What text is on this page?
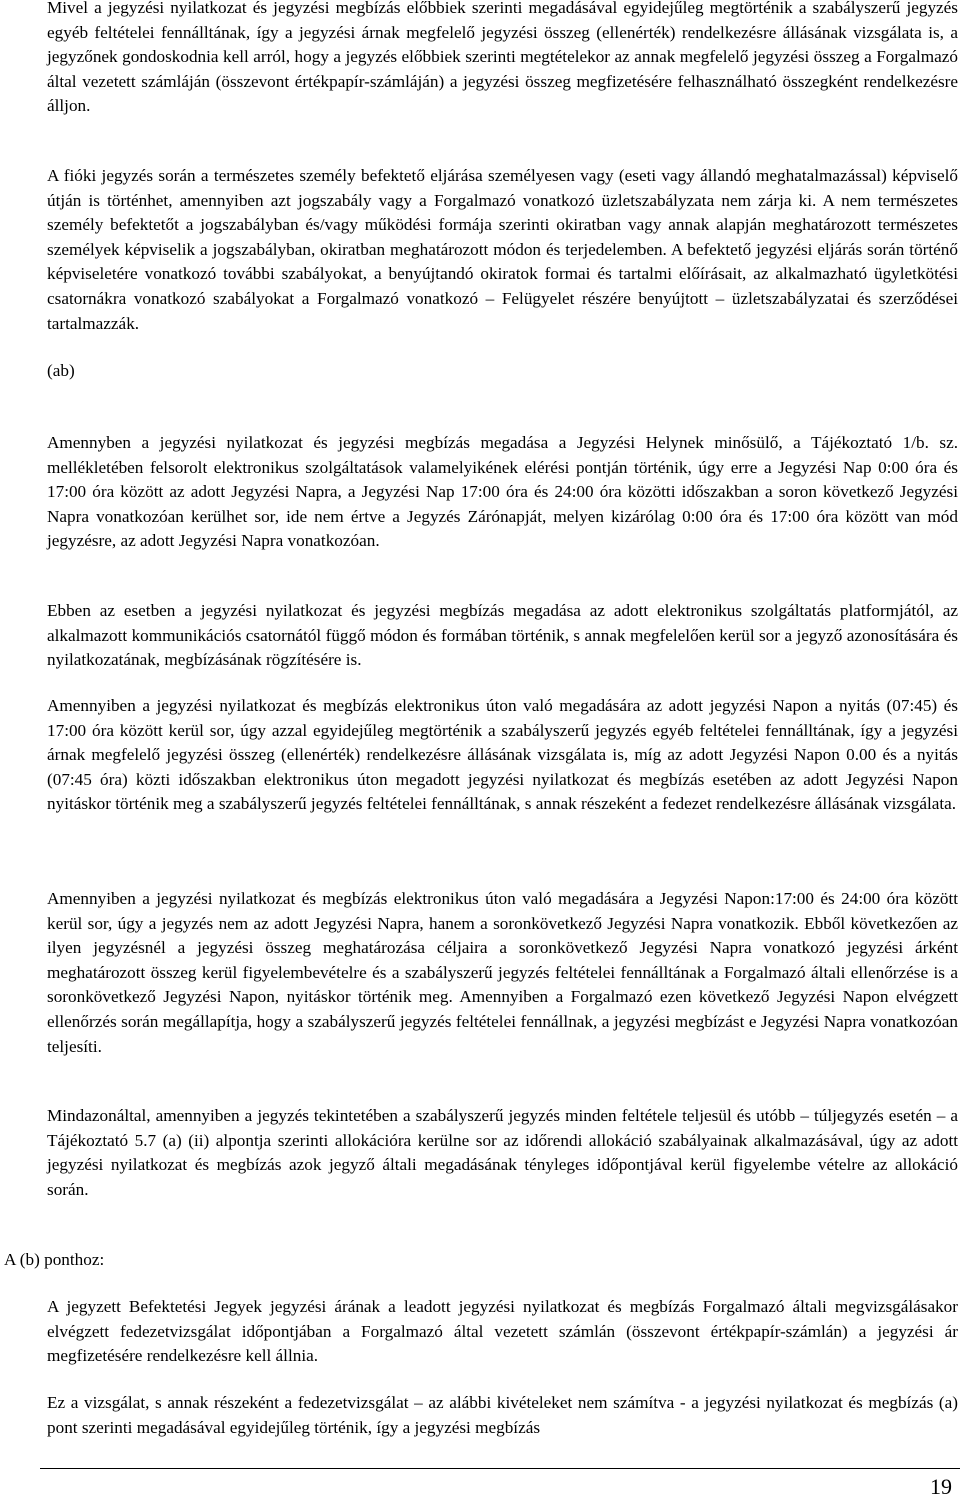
Mivel a jegyzési nyilatkozat és jegyzési megbízás előbbiek szerinti megadásával egyidejűleg megtörténik a szabályszerű jegyzés egyéb feltételei fennálltának, így a jegyzési árnak megfelelő jegyzési összeg (ellenérték) rendelkezésre állásának vizsgálata is, a jegyzőnek gondoskodnia kell arról, hogy a jegyzés előbbiek szerinti megtételekor az annak megfelelő jegyzési összeg a Forgalmazó által vezetett számláján (összevont értékpapír-számláján) a jegyzési összeg megfizetésére felhasználható összegként rendelkezésre álljon.

A fióki jegyzés során a természetes személy befektető eljárása személyesen vagy (eseti vagy állandó meghatalmazással) képviselő útján is történhet, amennyiben azt jogszabály vagy a Forgalmazó vonatkozó üzletszabályzata nem zárja ki. A nem természetes személy befektetőt a jogszabályban és/vagy működési formája szerinti okiratban vagy annak alapján meghatározott természetes személyek képviselik a jogszabályban, okiratban meghatározott módon és terjedelemben. A befektető jegyzési eljárás során történő képviseletére vonatkozó további szabályokat, a benyújtandó okiratok formai és tartalmi előírásait, az alkalmazható ügyletkötési csatornákra vonatkozó szabályokat a Forgalmazó vonatkozó – Felügyelet részére benyújtott – üzletszabályzatai és szerződései tartalmazzák.

(ab)

Amennyben a jegyzési nyilatkozat és jegyzési megbízás megadása a Jegyzési Helynek minősülő, a Tájékoztató 1/b. sz. mellékletében felsorolt elektronikus szolgáltatások valamelyikének elérési pontján történik, úgy erre a Jegyzési Nap 0:00 óra és 17:00 óra között az adott Jegyzési Napra, a Jegyzési Nap 17:00 óra és 24:00 óra közötti időszakban a soron következő Jegyzési Napra vonatkozóan kerülhet sor, ide nem értve a Jegyzés Zárónapját, melyen kizárólag 0:00 óra és 17:00 óra között van mód jegyzésre, az adott Jegyzési Napra vonatkozóan.

Ebben az esetben a jegyzési nyilatkozat és jegyzési megbízás megadása az adott elektronikus szolgáltatás platformjától, az alkalmazott kommunikációs csatornától függő módon és formában történik, s annak megfelelően kerül sor a jegyző azonosítására és nyilatkozatának, megbízásának rögzítésére is.

Amennyiben a jegyzési nyilatkozat és megbízás elektronikus úton való megadására az adott jegyzési Napon a nyitás (07:45) és 17:00 óra között kerül sor, úgy azzal egyidejűleg megtörténik a szabályszerű jegyzés egyéb feltételei fennálltának, így a jegyzési árnak megfelelő jegyzési összeg (ellenérték) rendelkezésre állásának vizsgálata is, míg az adott Jegyzési Napon 0.00 és a nyitás (07:45 óra) közti időszakban elektronikus úton megadott jegyzési nyilatkozat és megbízás esetében az adott Jegyzési Napon nyitáskor történik meg a szabályszerű jegyzés feltételei fennálltának, s annak részeként a fedezet rendelkezésre állásának vizsgálata.

Amennyiben a jegyzési nyilatkozat és megbízás elektronikus úton való megadására a Jegyzési Napon:17:00 és 24:00 óra között kerül sor, úgy a jegyzés nem az adott Jegyzési Napra, hanem a soronkövetkező Jegyzési Napra vonatkozik. Ebből következően az ilyen jegyzésnél a jegyzési összeg meghatározása céljaira a soronkövetkező Jegyzési Napra vonatkozó jegyzési árként meghatározott összeg kerül figyelembevételre és a szabályszerű jegyzés feltételei fennálltának a Forgalmazó általi ellenőrzése is a soronkövetkező Jegyzési Napon, nyitáskor történik meg. Amennyiben a Forgalmazó ezen következő Jegyzési Napon elvégzett ellenőrzés során megállapítja, hogy a szabályszerű jegyzés feltételei fennállnak, a jegyzési megbízást e Jegyzési Napra vonatkozóan teljesíti.

Mindazonáltal, amennyiben a jegyzés tekintetében a szabályszerű jegyzés minden feltétele teljesül és utóbb – túljegyzés esetén – a Tájékoztató 5.7 (a) (ii) alpontja szerinti allokációra kerülne sor az időrendi allokáció szabályainak alkalmazásával, úgy az adott jegyzési nyilatkozat és megbízás azok jegyző általi megadásának tényleges időpontjával kerül figyelembe vételre az allokáció során.

A (b) ponthoz:

A jegyzett Befektetési Jegyek jegyzési árának a leadott jegyzési nyilatkozat és megbízás Forgalmazó általi megvizsgálásakor elvégzett fedezetvizsgálat időpontjában a Forgalmazó által vezetett számlán (összevont értékpapír-számlán) a jegyzési ár megfizetésére rendelkezésre kell állnia.

Ez a vizsgálat, s annak részeként a fedezetvizsgálat – az alábbi kivételeket nem számítva - a jegyzési nyilatkozat és megbízás (a) pont szerinti megadásával egyidejűleg történik, így a jegyzési megbízás

19
